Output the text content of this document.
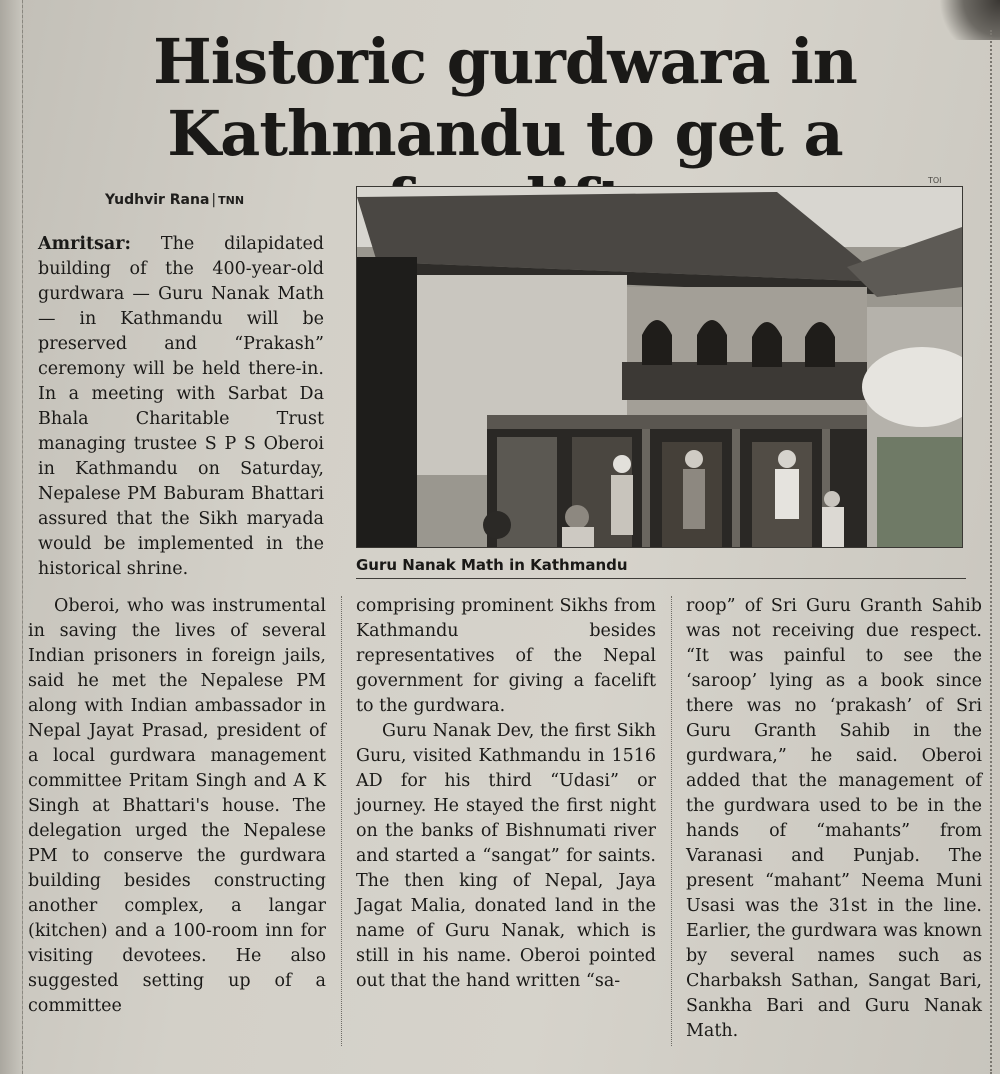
Historic gurdwara in
Kathmandu to get a
Yudhvir Rana | TNN

Amritsar: The dilapidated building of the 400-year-old gurdwara — Guru Nanak Math — in Kathmandu will be preserved and “Prakash” ceremony will be held there-in. In a meeting with Sarbat Da Bhala Charitable Trust managing trustee S P S Oberoi in Kathmandu on Saturday, Nepalese PM Baburam Bhattari assured that the Sikh maryada would be implemented in the historical shrine.

TOI
Guru Nanak Math in Kathmandu

Oberoi, who was instrumental in saving the lives of several Indian prisoners in foreign jails, said he met the Nepalese PM along with Indian ambassador in Nepal Jayat Prasad, president of a local gurdwara management committee Pritam Singh and A K Singh at Bhattari's house. The delegation urged the Nepalese PM to conserve the gurdwara building besides constructing another complex, a langar (kitchen) and a 100-room inn for visiting devotees. He also suggested setting up of a committee

comprising prominent Sikhs from Kathmandu besides representatives of the Nepal government for giving a facelift to the gurdwara.

Guru Nanak Dev, the first Sikh Guru, visited Kathmandu in 1516 AD for his third “Udasi” or journey. He stayed the first night on the banks of Bishnumati river and started a “sangat” for saints. The then king of Nepal, Jaya Jagat Malia, donated land in the name of Guru Nanak, which is still in his name. Oberoi pointed out that the hand written “sa-

roop” of Sri Guru Granth Sahib was not receiving due respect. “It was painful to see the ‘saroop’ lying as a book since there was no ‘prakash’ of Sri Guru Granth Sahib in the gurdwara,” he said. Oberoi added that the management of the gurdwara used to be in the hands of “mahants” from Varanasi and Punjab. The present “mahant” Neema Muni Usasi was the 31st in the line. Earlier, the gurdwara was known by several names such as Charbaksh Sathan, Sangat Bari, Sankha Bari and Guru Nanak Math.
